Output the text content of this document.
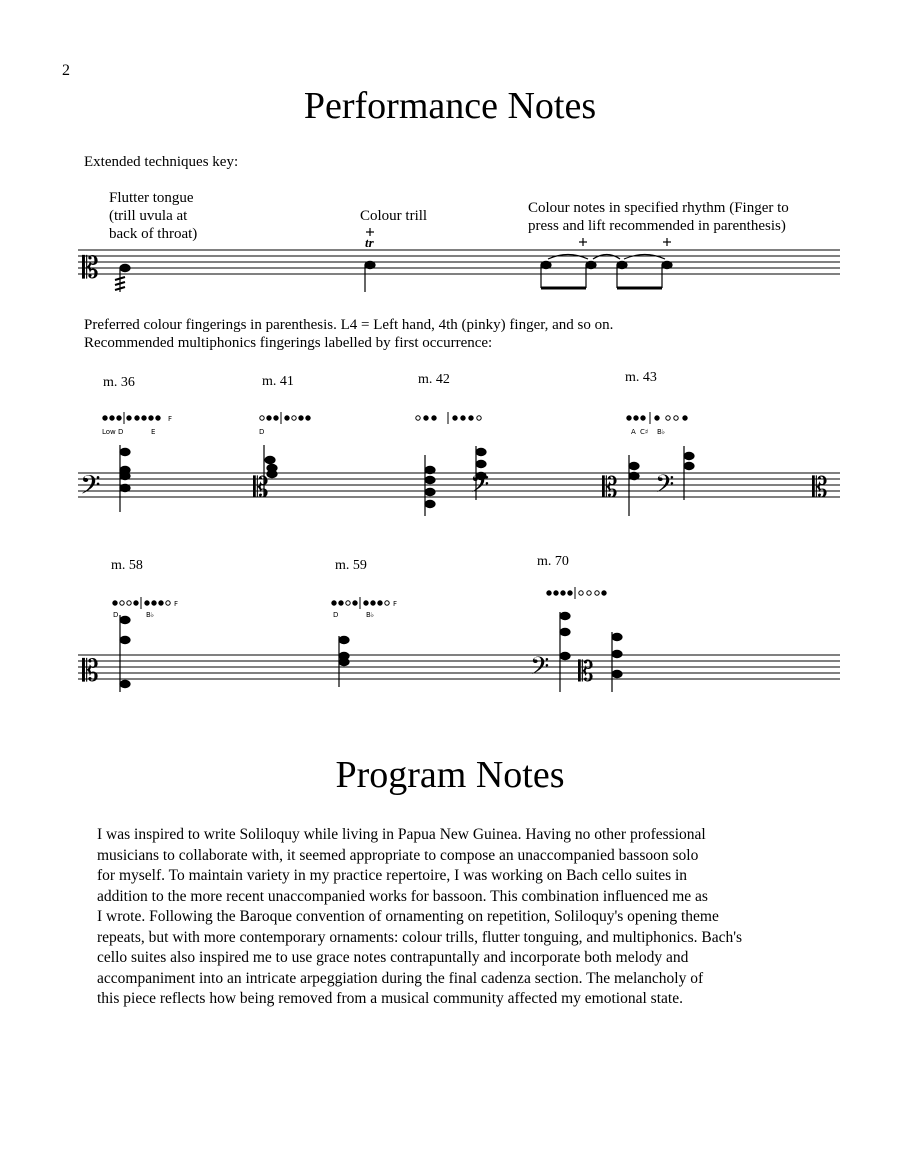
2
Performance Notes
Extended techniques key:
Flutter tongue
(trill uvula at
back of throat)
Colour trill	Colour notes in specified rhythm (Finger to
press and lift recommended in parenthesis)
Preferred colour fingerings in parenthesis. L4 = Left hand, 4th (pinky) finger, and so on.
Recommended multiphonics fingerings labelled by first occurrence:
m. 36	m. 41	m. 42	m. 43
m. 58	m. 59	m. 70
𝄡
𝄢
𝄡
tr
𝄢
𝄡	𝄡 𝄢	𝄡
𝄢 𝄡
Low D	E
F
D	A C♯ B♭
D	B♭
F
D	B♭
F
Program Notes

I was inspired to write Soliloquy while living in Papua New Guinea. Having no other professional

musicians to collaborate with, it seemed appropriate to compose an unaccompanied bassoon solo

for myself. To maintain variety in my practice repertoire, I was working on Bach cello suites in

addition to the more recent unaccompanied works for bassoon. This combination influenced me as

I wrote. Following the Baroque convention of ornamenting on repetition, Soliloquy's opening theme

repeats, but with more contemporary ornaments: colour trills, flutter tonguing, and multiphonics. Bach's

cello suites also inspired me to use grace notes contrapuntally and incorporate both melody and

accompaniment into an intricate arpeggiation during the final cadenza section. The melancholy of

this piece reflects how being removed from a musical community affected my emotional state.
